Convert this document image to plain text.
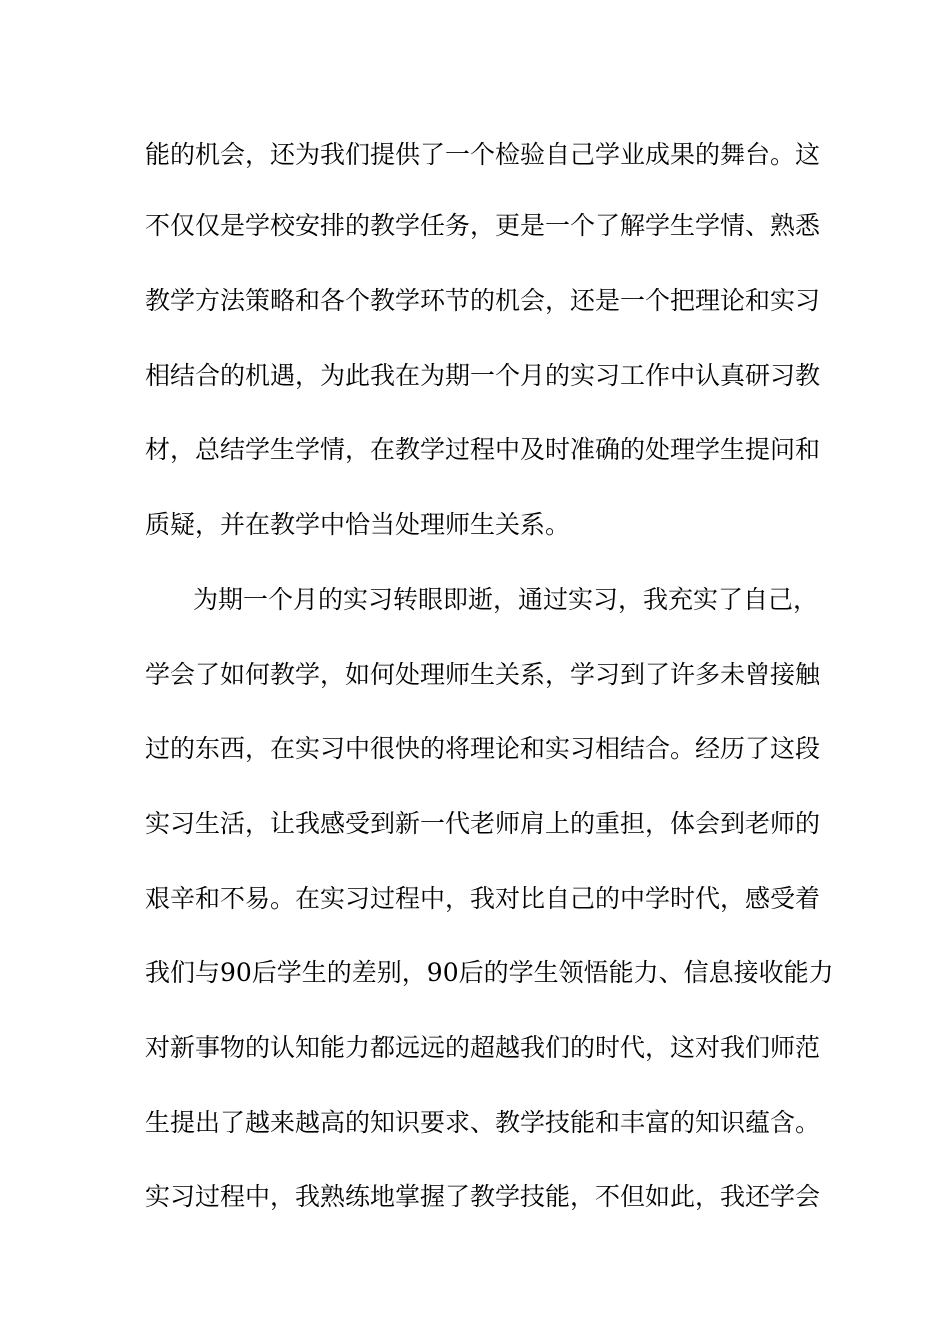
能的机会，还为我们提供了一个检验自己学业成果的舞台。这
不仅仅是学校安排的教学任务，更是一个了解学生学情、熟悉
教学方法策略和各个教学环节的机会，还是一个把理论和实习
相结合的机遇，为此我在为期一个月的实习工作中认真研习教
材，总结学生学情，在教学过程中及时准确的处理学生提问和
质疑，并在教学中恰当处理师生关系。
为期一个月的实习转眼即逝，通过实习，我充实了自己，
学会了如何教学，如何处理师生关系，学习到了许多未曾接触
过的东西，在实习中很快的将理论和实习相结合。经历了这段
实习生活，让我感受到新一代老师肩上的重担，体会到老师的
艰辛和不易。在实习过程中，我对比自己的中学时代，感受着
我们与90后学生的差别，90后的学生领悟能力、信息接收能力
对新事物的认知能力都远远的超越我们的时代，这对我们师范
生提出了越来越高的知识要求、教学技能和丰富的知识蕴含。
实习过程中，我熟练地掌握了教学技能，不但如此，我还学会
